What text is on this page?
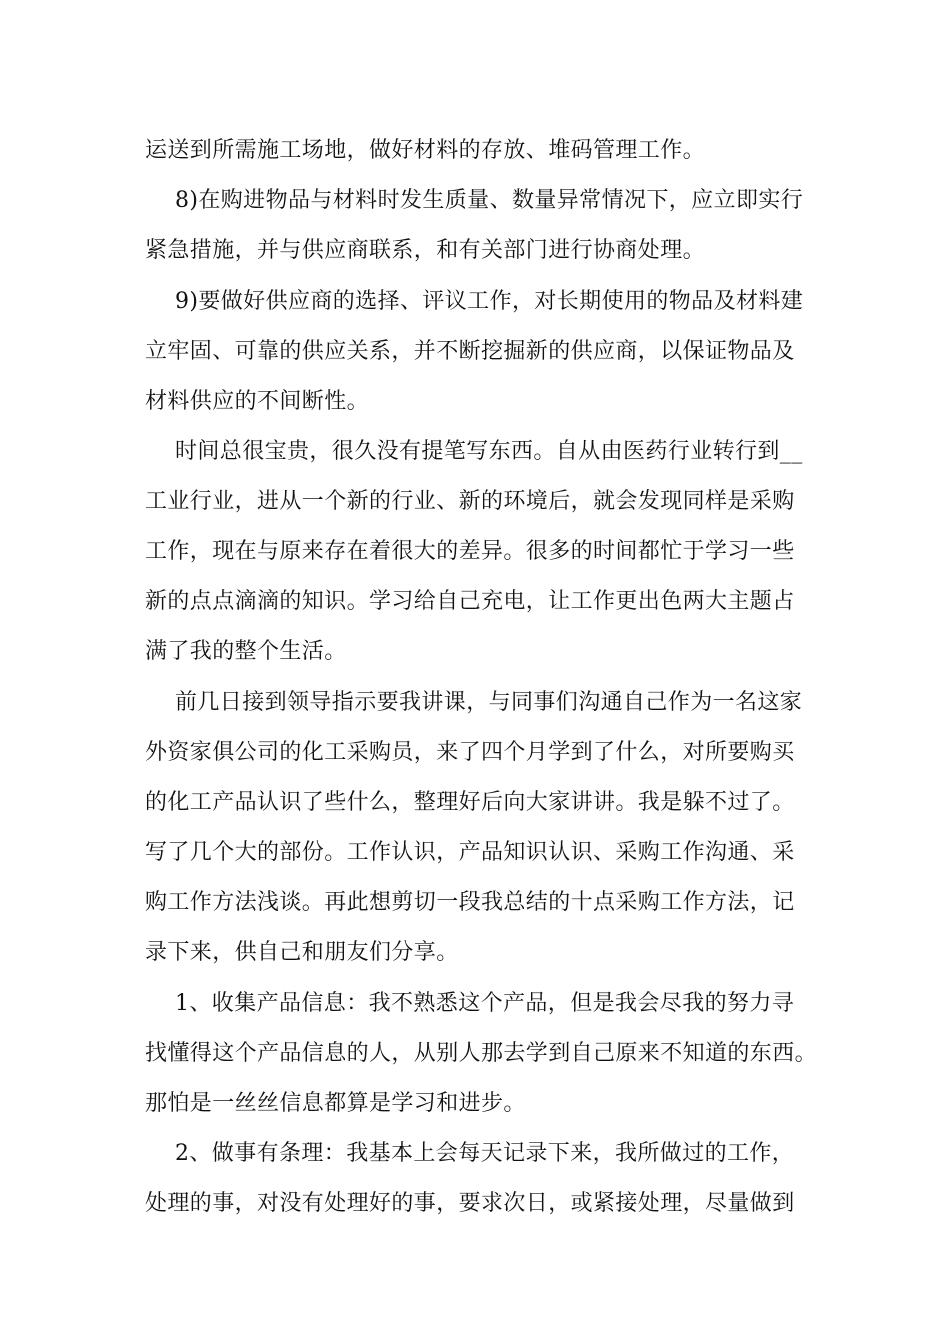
运送到所需施工场地，做好材料的存放、堆码管理工作。
8)在购进物品与材料时发生质量、数量异常情况下，应立即实行
紧急措施，并与供应商联系，和有关部门进行协商处理。
9)要做好供应商的选择、评议工作，对长期使用的物品及材料建
立牢固、可靠的供应关系，并不断挖掘新的供应商，以保证物品及
材料供应的不间断性。
时间总很宝贵，很久没有提笔写东西。自从由医药行业转行到__
工业行业，进从一个新的行业、新的环境后，就会发现同样是采购
工作，现在与原来存在着很大的差异。很多的时间都忙于学习一些
新的点点滴滴的知识。学习给自己充电，让工作更出色两大主题占
满了我的整个生活。
前几日接到领导指示要我讲课，与同事们沟通自己作为一名这家
外资家俱公司的化工采购员，来了四个月学到了什么，对所要购买
的化工产品认识了些什么，整理好后向大家讲讲。我是躲不过了。
写了几个大的部份。工作认识，产品知识认识、采购工作沟通、采
购工作方法浅谈。再此想剪切一段我总结的十点采购工作方法，记
录下来，供自己和朋友们分享。
1、收集产品信息：我不熟悉这个产品，但是我会尽我的努力寻
找懂得这个产品信息的人，从别人那去学到自己原来不知道的东西。
那怕是一丝丝信息都算是学习和进步。
2、做事有条理：我基本上会每天记录下来，我所做过的工作，
处理的事，对没有处理好的事，要求次日，或紧接处理，尽量做到
